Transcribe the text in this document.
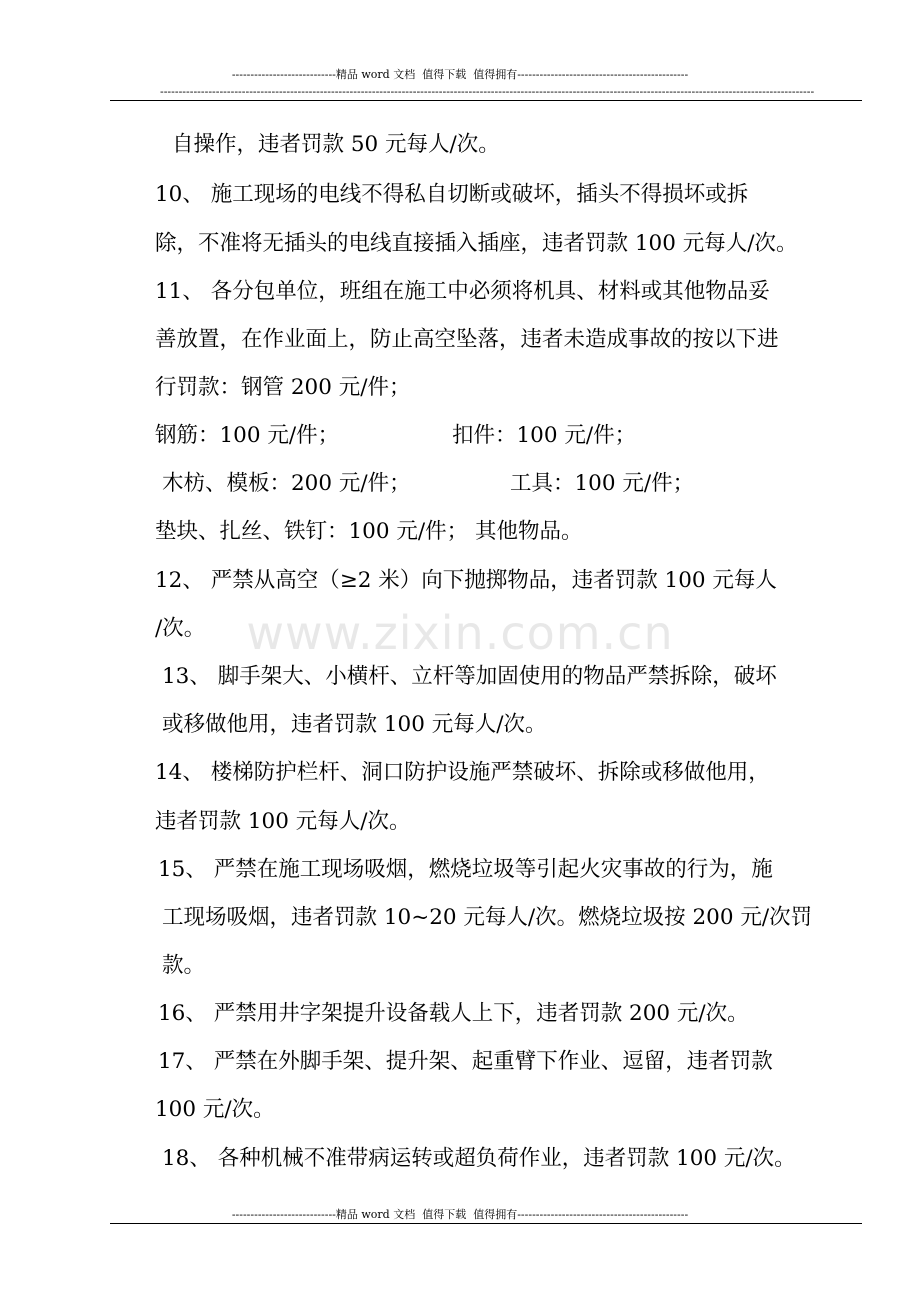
----------------------------精品 word 文档  值得下载  值得拥有----------------------------------------------
--------------------------------------------------------------------------------------------------------------------------------------------------------------------------------
www.zixin.com.cn
自操作，违者罚款 50 元每人/次。
10、 施工现场的电线不得私自切断或破坏，插头不得损坏或拆
除，不准将无插头的电线直接插入插座，违者罚款 100 元每人/次。
11、 各分包单位，班组在施工中必须将机具、材料或其他物品妥
善放置，在作业面上，防止高空坠落，违者未造成事故的按以下进
行罚款：钢管 200 元/件；
钢筋：100 元/件；	扣件：100 元/件；
木枋、模板：200 元/件；	工具：100 元/件；
垫块、扎丝、铁钉：100 元/件； 其他物品。
12、 严禁从高空（≥2 米）向下抛掷物品，违者罚款 100 元每人
/次。
13、 脚手架大、小横杆、立杆等加固使用的物品严禁拆除，破坏
或移做他用，违者罚款 100 元每人/次。
14、 楼梯防护栏杆、洞口防护设施严禁破坏、拆除或移做他用，
违者罚款 100 元每人/次。
15、 严禁在施工现场吸烟，燃烧垃圾等引起火灾事故的行为，施
工现场吸烟，违者罚款 10~20 元每人/次。燃烧垃圾按 200 元/次罚
款。
16、 严禁用井字架提升设备载人上下，违者罚款 200 元/次。
17、 严禁在外脚手架、提升架、起重臂下作业、逗留，违者罚款
100 元/次。
18、 各种机械不准带病运转或超负荷作业，违者罚款 100 元/次。
----------------------------精品 word 文档  值得下载  值得拥有----------------------------------------------
